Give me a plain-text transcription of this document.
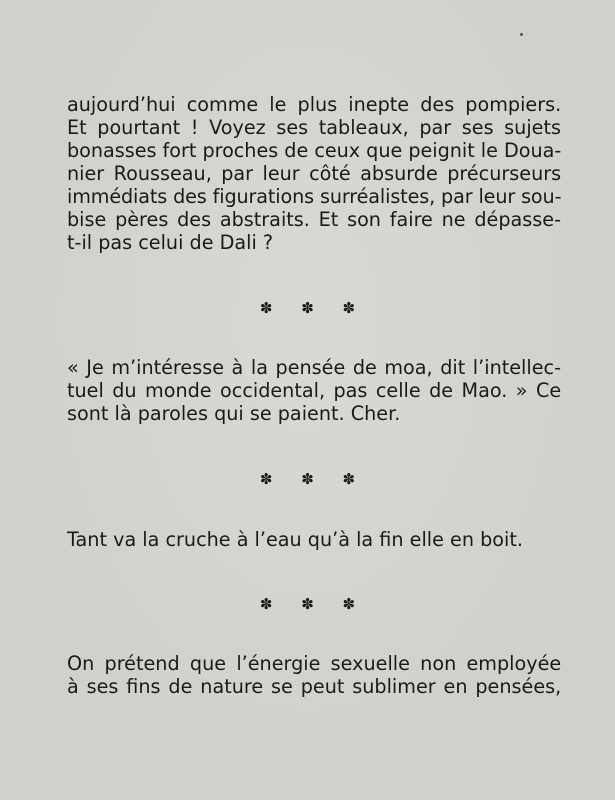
aujourd’hui comme le plus inepte des pompiers.
Et pourtant ! Voyez ses tableaux, par ses sujets
bonasses fort proches de ceux que peignit le Doua-
nier Rousseau, par leur côté absurde précurseurs
immédiats des figurations surréalistes, par leur sou-
bise pères des abstraits. Et son faire ne dépasse-
t-il pas celui de Dali ?
✽ ✽ ✽
« Je m’intéresse à la pensée de moa, dit l’intellec-
tuel du monde occidental, pas celle de Mao. » Ce
sont là paroles qui se paient. Cher.
✽ ✽ ✽
Tant va la cruche à l’eau qu’à la fin elle en boit.
✽ ✽ ✽
On prétend que l’énergie sexuelle non employée
à ses fins de nature se peut sublimer en pensées,
